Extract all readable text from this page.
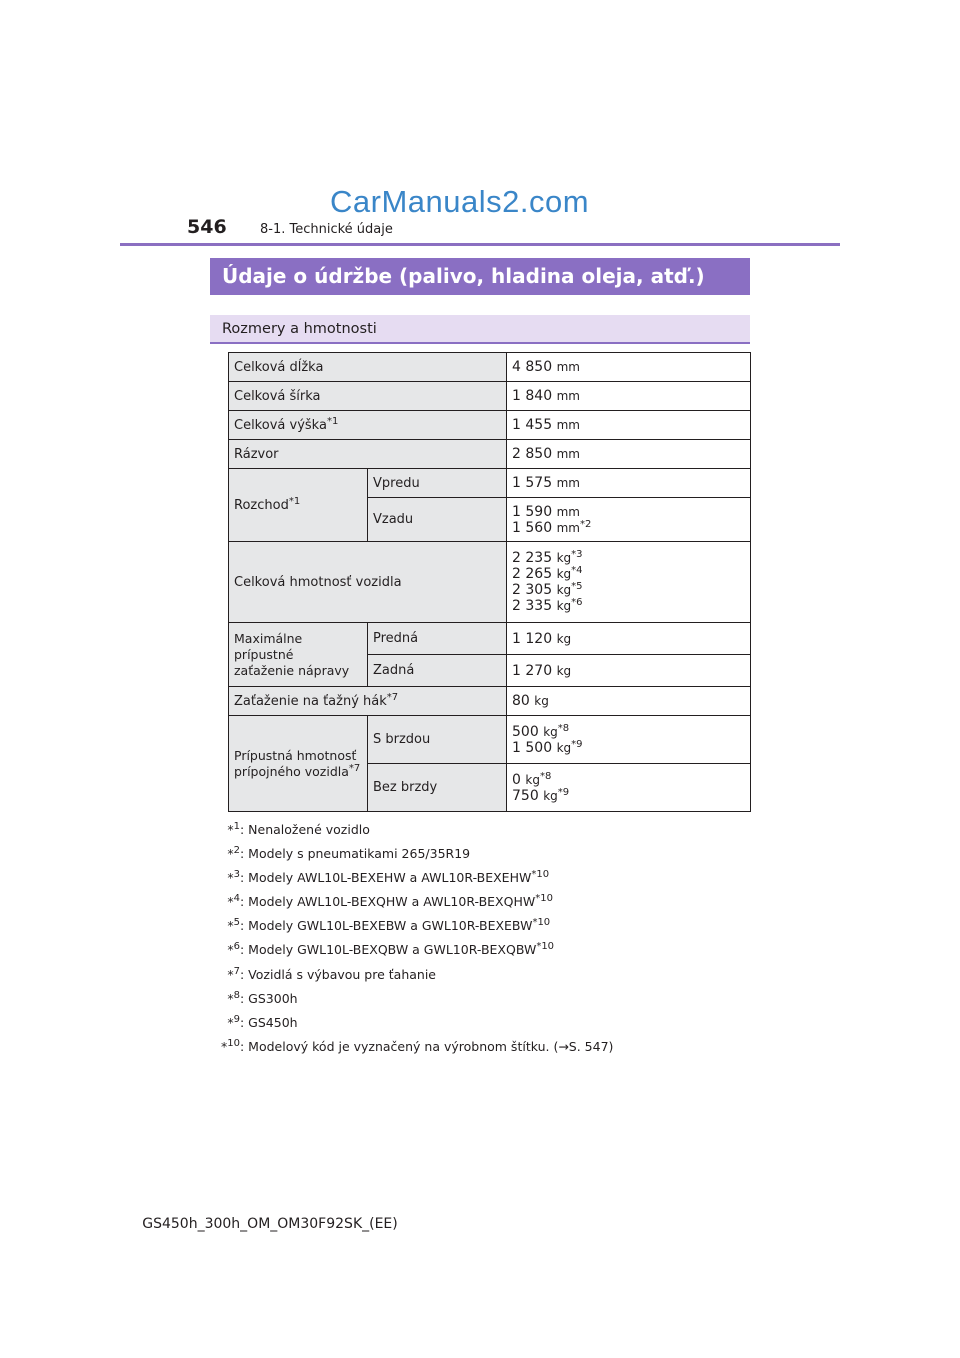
CarManuals2.com
546	8-1. Technické údaje
Údaje o údržbe (palivo, hladina oleja, atď.)
Rozmery a hmotnosti
Celková dĺžka		4 850 mm
Celková šírka		1 840 mm
Celková výška$^{*1}$		1 455 mm
Rázvor		2 850 mm
Rozchod$^{*1}$	Vpredu	1 575 mm
	Vzadu	1 590 mm
1 560 mm$^{*2}$
Celková hmotnosť vozidla		2 235 kg$^{*3}$
2 265 kg$^{*4}$
2 305 kg$^{*5}$
2 335 kg$^{*6}$
Maximálne prípustné
zaťaženie nápravy	Predná	1 120 kg
	Zadná	1 270 kg
Zaťaženie na ťažný hák$^{*7}$		80 kg
Prípustná hmotnosť
prípojného vozidla$^{*7}$	S brzdou	500 kg$^{*8}$
1 500 kg$^{*9}$
	Bez brzdy	0 kg$^{*8}$
750 kg$^{*9}$
*$^1$: Nenaložené vozidlo
*$^2$: Modely s pneumatikami 265/35R19
*$^3$: Modely AWL10L-BEXEHW a AWL10R-BEXEHW$^{*10}$
*$^4$: Modely AWL10L-BEXQHW a AWL10R-BEXQHW$^{*10}$
*$^5$: Modely GWL10L-BEXEBW a GWL10R-BEXEBW$^{*10}$
*$^6$: Modely GWL10L-BEXQBW a GWL10R-BEXQBW$^{*10}$
*$^7$: Vozidlá s výbavou pre ťahanie
*$^8$: GS300h
*$^9$: GS450h
*$^{10}$: Modelový kód je vyznačený na výrobnom štítku. (→S. 547)
GS450h_300h_OM_OM30F92SK_(EE)
